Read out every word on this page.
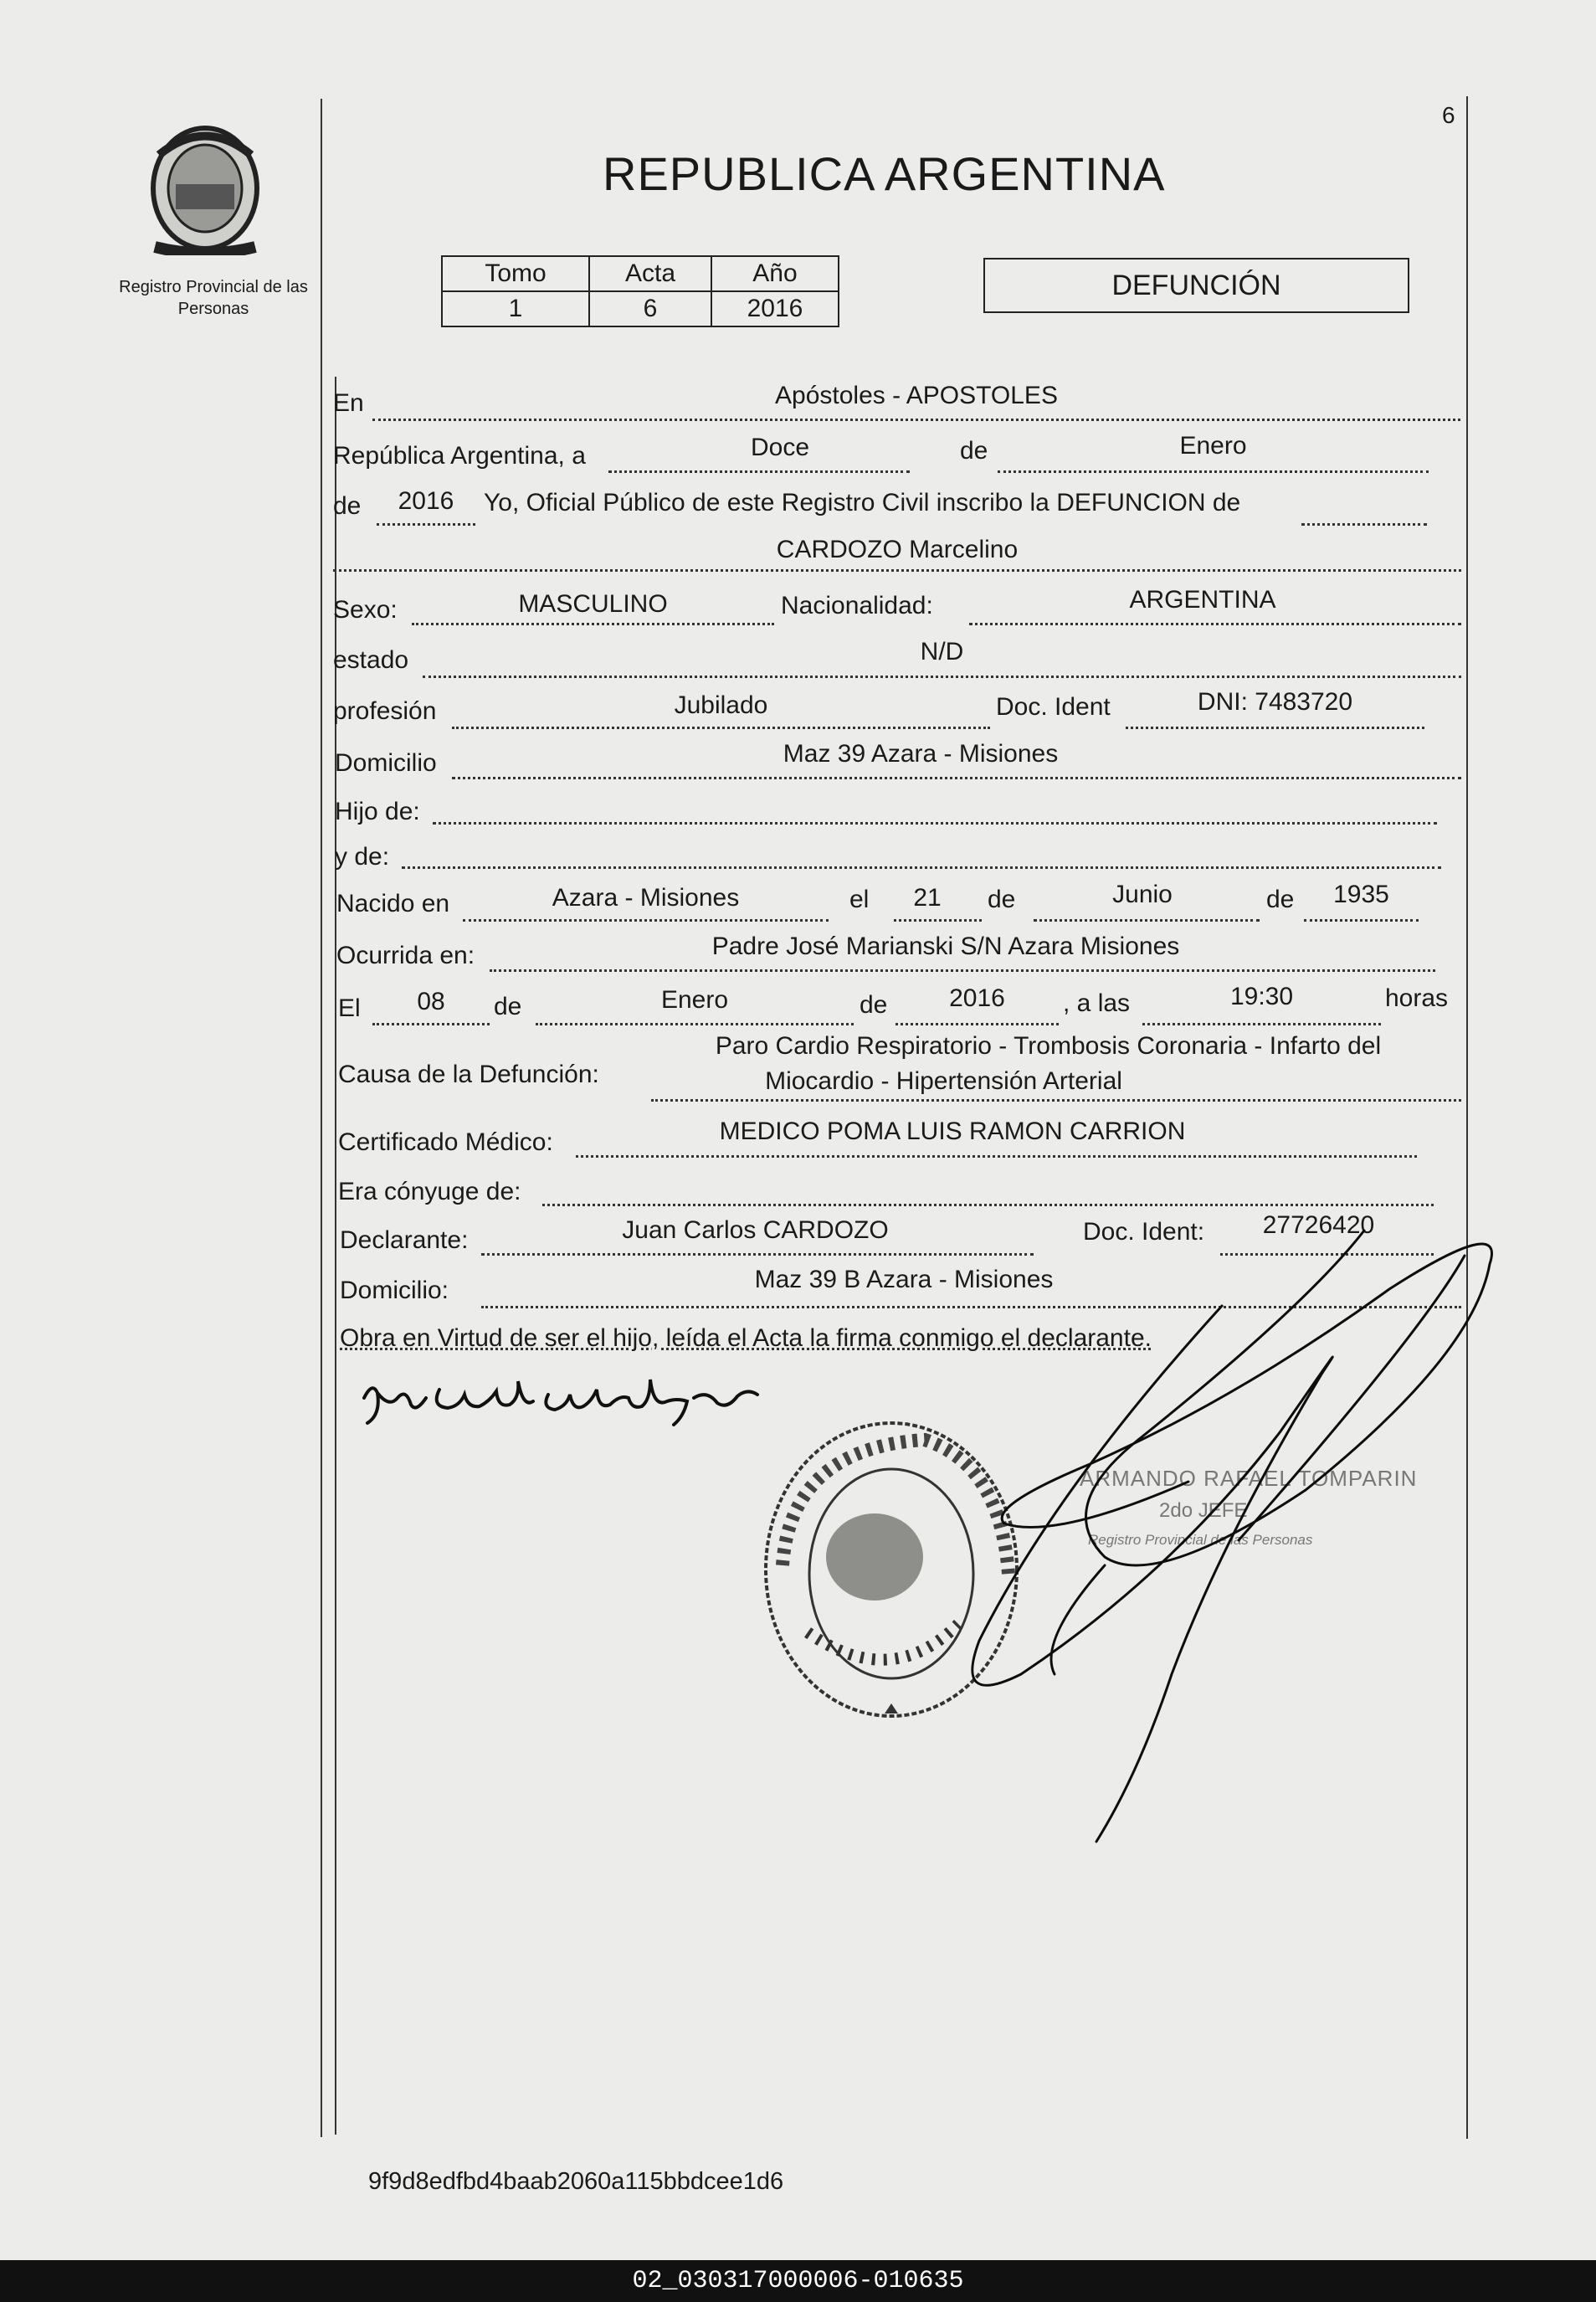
6
Registro Provincial de las Personas
REPUBLICA ARGENTINA
Tomo	Acta	Año
1	6	2016
DEFUNCIÓN
En	Apóstoles - APOSTOLES
República Argentina, a	Doce	de	Enero
de	2016	Yo, Oficial Público de este Registro Civil inscribo la DEFUNCION de
CARDOZO Marcelino
Sexo:	MASCULINO	Nacionalidad:	ARGENTINA
estado	N/D
profesión	Jubilado	Doc. Ident	DNI: 7483720
Domicilio	Maz 39 Azara - Misiones
Hijo de:
y de:
Nacido en	Azara - Misiones	el	21	de	Junio	de	1935
Ocurrida en:	Padre José Marianski S/N Azara Misiones
El	08	de	Enero	de	2016	, a las	19:30	horas
Causa de la Defunción:
Paro Cardio Respiratorio - Trombosis Coronaria - Infarto del
Miocardio - Hipertensión Arterial
Certificado Médico:	MEDICO POMA LUIS RAMON CARRION
Era cónyuge de:
Declarante:	Juan Carlos CARDOZO	Doc. Ident:	27726420
Domicilio:	Maz 39 B Azara - Misiones
Obra en Virtud de ser el hijo, leída el Acta la firma conmigo el declarante.
ARMANDO RAFAEL TOMPARIN
2do JEFE
Registro Provincial de las Personas
9f9d8edfbd4baab2060a115bbdcee1d6
02_030317000006-010635
